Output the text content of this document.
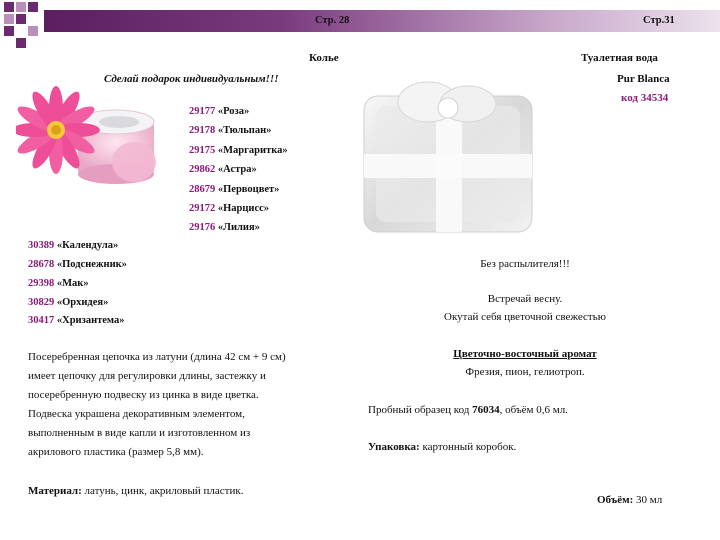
Стр. 28	Стр.31
Колье
Сделай подарок индивидуальным!!!
29177 «Роза»
29178 «Тюльпан»
29175 «Маргаритка»
29862 «Астра»
28679 «Первоцвет»
29172 «Нарцисс»
29176 «Лилия»
30389 «Календула»
28678 «Подснежник»
29398 «Мак»
30829 «Орхидея»
30417 «Хризантема»
Посеребренная цепочка из латуни (длина 42 см + 9 см)
имеет цепочку для регулировки длины, застежку и
посеребренную подвеску из цинка в виде цветка.
Подвеска украшена декоративным элементом,
выполненным в виде капли и изготовленном из
акрилового пластика (размер 5,8 мм).
Материал: латунь, цинк, акриловый пластик.
Туалетная вода
Pur Blanca
код 34534
Без распылителя!!!
Встречай весну.
Окутай себя цветочной свежестью
Цветочно-восточный аромат
Фрезия, пион, гелиотроп.
Пробный образец код 76034, объём 0,6 мл.
Упаковка: картонный коробок.
Объём: 30 мл
